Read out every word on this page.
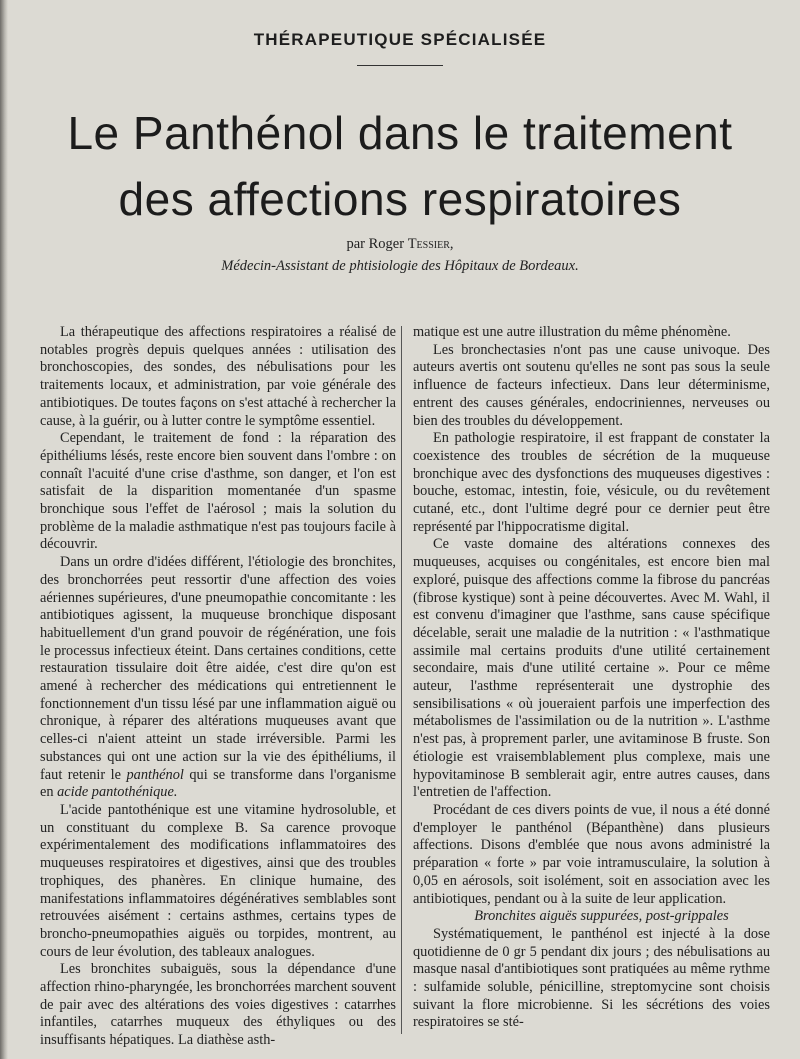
THÉRAPEUTIQUE SPÉCIALISÉE
Le Panthénol dans le traitement
des affections respiratoires
par Roger Tessier,
Médecin-Assistant de phtisiologie des Hôpitaux de Bordeaux.

La thérapeutique des affections respiratoires a réalisé de notables progrès depuis quelques années : utilisation des bronchoscopies, des sondes, des nébulisations pour les traitements locaux, et administration, par voie générale des antibiotiques. De toutes façons on s'est attaché à rechercher la cause, à la guérir, ou à lutter contre le symptôme essentiel.

Cependant, le traitement de fond : la réparation des épithéliums lésés, reste encore bien souvent dans l'ombre : on connaît l'acuité d'une crise d'asthme, son danger, et l'on est satisfait de la disparition momentanée d'un spasme bronchique sous l'effet de l'aérosol ; mais la solution du problème de la maladie asthmatique n'est pas toujours facile à découvrir.

Dans un ordre d'idées différent, l'étiologie des bronchites, des bronchorrées peut ressortir d'une affection des voies aériennes supérieures, d'une pneumopathie concomitante : les antibiotiques agissent, la muqueuse bronchique disposant habituellement d'un grand pouvoir de régénération, une fois le processus infectieux éteint. Dans certaines conditions, cette restauration tissulaire doit être aidée, c'est dire qu'on est amené à rechercher des médications qui entretiennent le fonctionnement d'un tissu lésé par une inflammation aiguë ou chronique, à réparer des altérations muqueuses avant que celles-ci n'aient atteint un stade irréversible. Parmi les substances qui ont une action sur la vie des épithéliums, il faut retenir le panthénol qui se transforme dans l'organisme en acide pantothénique.

L'acide pantothénique est une vitamine hydrosoluble, et un constituant du complexe B. Sa carence provoque expérimentalement des modifications inflammatoires des muqueuses respiratoires et digestives, ainsi que des troubles trophiques, des phanères. En clinique humaine, des manifestations inflammatoires dégénératives semblables sont retrouvées aisément : certains asthmes, certains types de broncho-pneumopathies aiguës ou torpides, montrent, au cours de leur évolution, des tableaux analogues.

Les bronchites subaiguës, sous la dépendance d'une affection rhino-pharyngée, les bronchorrées marchent souvent de pair avec des altérations des voies digestives : catarrhes infantiles, catarrhes muqueux des éthyliques ou des insuffisants hépatiques. La diathèse asth-

matique est une autre illustration du même phénomène.

Les bronchectasies n'ont pas une cause univoque. Des auteurs avertis ont soutenu qu'elles ne sont pas sous la seule influence de facteurs infectieux. Dans leur déterminisme, entrent des causes générales, endocriniennes, nerveuses ou bien des troubles du développement.

En pathologie respiratoire, il est frappant de constater la coexistence des troubles de sécrétion de la muqueuse bronchique avec des dysfonctions des muqueuses digestives : bouche, estomac, intestin, foie, vésicule, ou du revêtement cutané, etc., dont l'ultime degré pour ce dernier peut être représenté par l'hippocratisme digital.

Ce vaste domaine des altérations connexes des muqueuses, acquises ou congénitales, est encore bien mal exploré, puisque des affections comme la fibrose du pancréas (fibrose kystique) sont à peine découvertes. Avec M. Wahl, il est convenu d'imaginer que l'asthme, sans cause spécifique décelable, serait une maladie de la nutrition : « l'asthmatique assimile mal certains produits d'une utilité certainement secondaire, mais d'une utilité certaine ». Pour ce même auteur, l'asthme représenterait une dystrophie des sensibilisations « où joueraient parfois une imperfection des métabolismes de l'assimilation ou de la nutrition ». L'asthme n'est pas, à proprement parler, une avitaminose B fruste. Son étiologie est vraisemblablement plus complexe, mais une hypovitaminose B semblerait agir, entre autres causes, dans l'entretien de l'affection.

Procédant de ces divers points de vue, il nous a été donné d'employer le panthénol (Bépanthène) dans plusieurs affections. Disons d'emblée que nous avons administré la préparation « forte » par voie intramusculaire, la solution à 0,05 en aérosols, soit isolément, soit en association avec les antibiotiques, pendant ou à la suite de leur application.

Bronchites aiguës suppurées, post-grippales

Systématiquement, le panthénol est injecté à la dose quotidienne de 0 gr 5 pendant dix jours ; des nébulisations au masque nasal d'antibiotiques sont pratiquées au même rythme : sulfamide soluble, pénicilline, streptomycine sont choisis suivant la flore microbienne. Si les sécrétions des voies respiratoires se sté-
